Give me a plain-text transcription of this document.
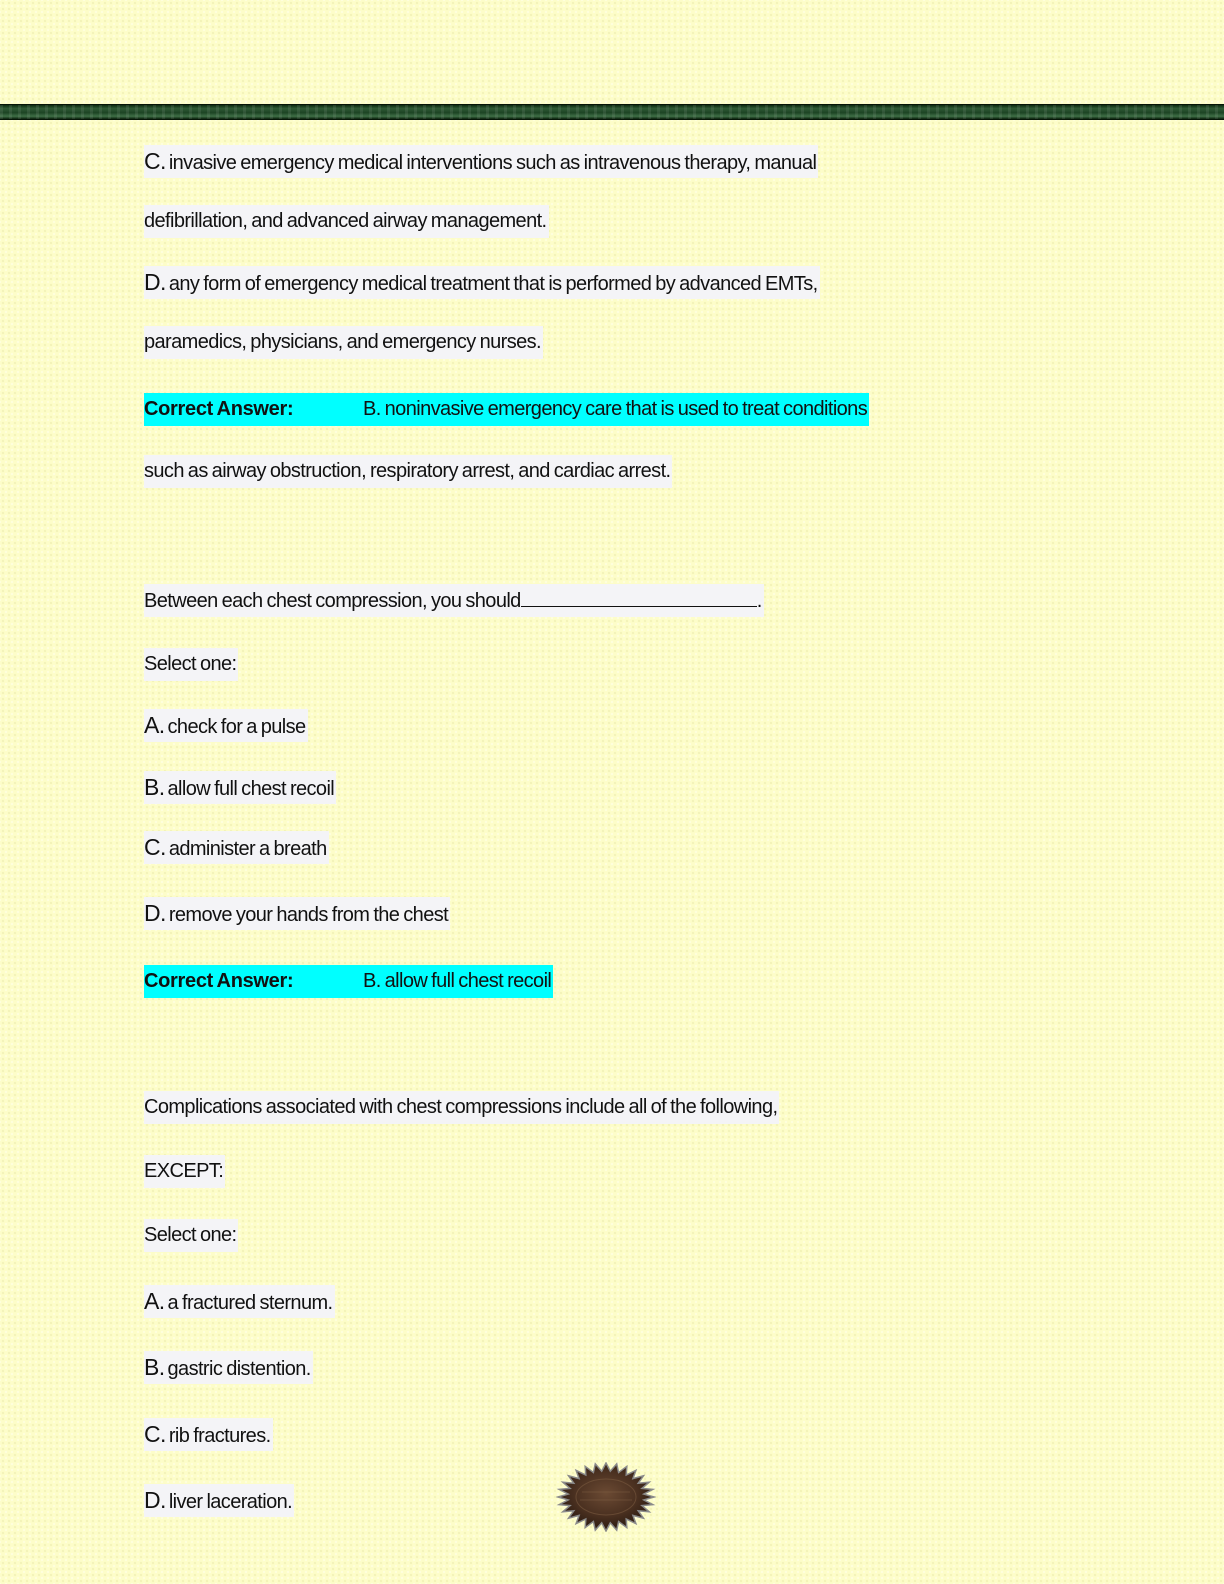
C. invasive emergency medical interventions such as intravenous therapy, manual
defibrillation, and advanced airway management.
D. any form of emergency medical treatment that is performed by advanced EMTs,
paramedics, physicians, and emergency nurses.
Correct Answer:	B. noninvasive emergency care that is used to treat conditions
such as airway obstruction, respiratory arrest, and cardiac arrest.
Between each chest compression, you should	.
Select one:
A. check for a pulse
B. allow full chest recoil
C. administer a breath
D. remove your hands from the chest
Correct Answer:	B. allow full chest recoil
Complications associated with chest compressions include all of the following,
EXCEPT:
Select one:
A. a fractured sternum.
B. gastric distention.
C. rib fractures.
D. liver laceration.
